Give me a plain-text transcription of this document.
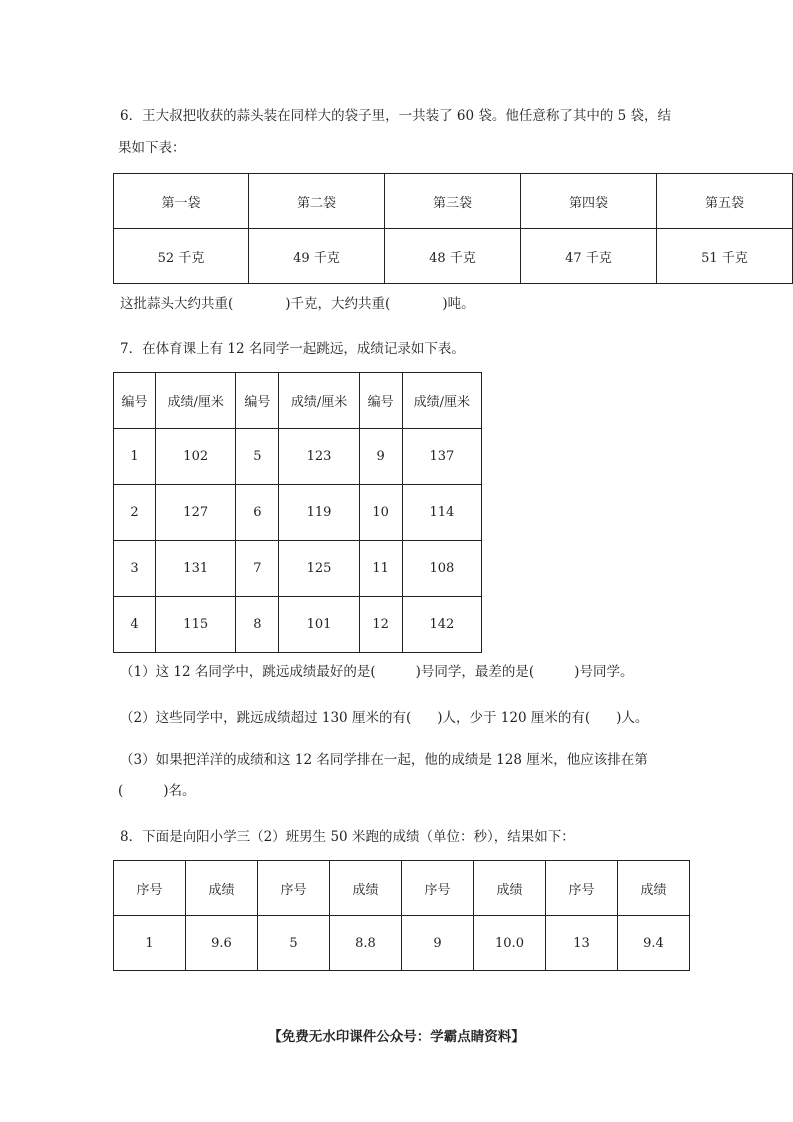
6．王大叔把收获的蒜头装在同样大的袋子里，一共装了 60 袋。他任意称了其中的 5 袋，结
果如下表：
第一袋	第二袋	第三袋	第四袋	第五袋
52 千克	49 千克	48 千克	47 千克	51 千克
这批蒜头大约共重(	)千克，大约共重(	)吨。
7．在体育课上有 12 名同学一起跳远，成绩记录如下表。
编号	成绩/厘米	编号	成绩/厘米	编号	成绩/厘米
1	102	5	123	9	137
2	127	6	119	10	114
3	131	7	125	11	108
4	115	8	101	12	142
（1）这 12 名同学中，跳远成绩最好的是(	)号同学，最差的是(	)号同学。
（2）这些同学中，跳远成绩超过 130 厘米的有( )人，少于 120 厘米的有( )人。
（3）如果把洋洋的成绩和这 12 名同学排在一起，他的成绩是 128 厘米，他应该排在第
(	)名。
8．下面是向阳小学三（2）班男生 50 米跑的成绩（单位：秒），结果如下：
序号	成绩	序号	成绩	序号	成绩	序号	成绩
1	9.6	5	8.8	9	10.0	13	9.4
【免费无水印课件公众号：学霸点睛资料】
